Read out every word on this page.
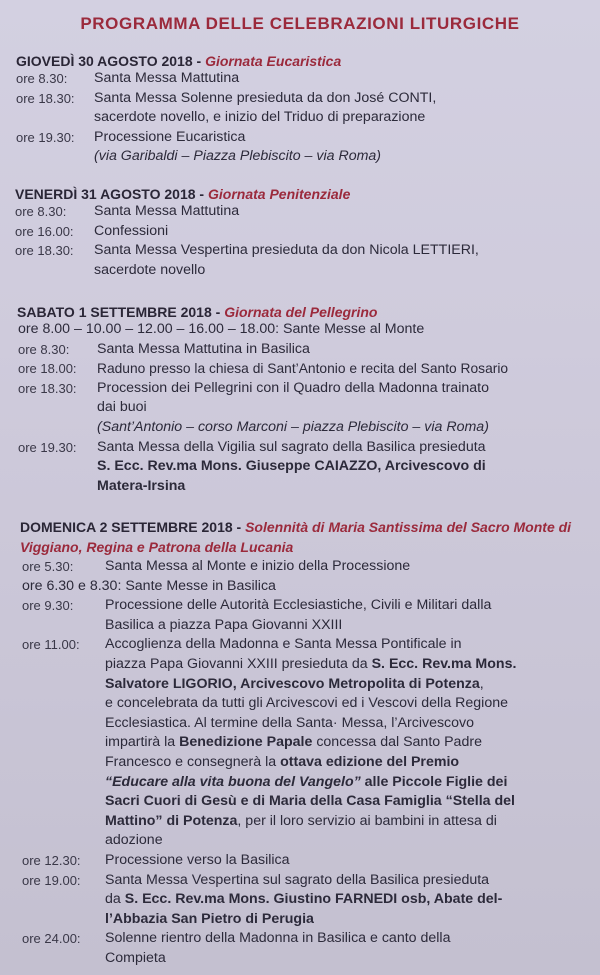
PROGRAMMA DELLE CELEBRAZIONI LITURGICHE
GIOVEDÌ 30 AGOSTO 2018 - Giornata Eucaristica
ore 8.30:	Santa Messa Mattutina
ore 18.30:	Santa Messa Solenne presieduta da don José CONTI,
sacerdote novello, e inizio del Triduo di preparazione
ore 19.30:	Processione Eucaristica
(via Garibaldi – Piazza Plebiscito – via Roma)
VENERDÌ 31 AGOSTO 2018 - Giornata Penitenziale
ore 8.30:	Santa Messa Mattutina
ore 16.00:	Confessioni
ore 18.30:	Santa Messa Vespertina presieduta da don Nicola LETTIERI,
sacerdote novello
SABATO 1 SETTEMBRE 2018 - Giornata del Pellegrino
ore 8.00 – 10.00 – 12.00 – 16.00 – 18.00: Sante Messe al Monte
ore 8.30:	Santa Messa Mattutina in Basilica
ore 18.00:	Raduno presso la chiesa di Sant’Antonio e recita del Santo Rosario
ore 18.30:	Procession dei Pellegrini con il Quadro della Madonna trainato
dai buoi
(Sant’Antonio – corso Marconi – piazza Plebiscito – via Roma)
ore 19.30:	Santa Messa della Vigilia sul sagrato della Basilica presieduta
S. Ecc. Rev.ma Mons. Giuseppe CAIAZZO, Arcivescovo di
Matera-Irsina
DOMENICA 2 SETTEMBRE 2018 - Solennità di Maria Santissima del Sacro Monte di Viggiano, Regina e Patrona della Lucania
ore 5.30:	Santa Messa al Monte e inizio della Processione
ore 6.30 e 8.30: Sante Messe in Basilica
ore 9.30:	Processione delle Autorità Ecclesiastiche, Civili e Militari dalla
Basilica a piazza Papa Giovanni XXIII
ore 11.00:	Accoglienza della Madonna e Santa Messa Pontificale in
piazza Papa Giovanni XXIII presieduta da S. Ecc. Rev.ma Mons.
Salvatore LIGORIO, Arcivescovo Metropolita di Potenza,
e concelebrata da tutti gli Arcivescovi ed i Vescovi della Regione
Ecclesiastica. Al termine della Santa· Messa, l’Arcivescovo
impartirà la Benedizione Papale concessa dal Santo Padre
Francesco e consegnerà la ottava edizione del Premio
“Educare alla vita buona del Vangelo” alle Piccole Figlie dei
Sacri Cuori di Gesù e di Maria della Casa Famiglia “Stella del
Mattino” di Potenza, per il loro servizio ai bambini in attesa di
adozione
ore 12.30:	Processione verso la Basilica
ore 19.00:	Santa Messa Vespertina sul sagrato della Basilica presieduta
da S. Ecc. Rev.ma Mons. Giustino FARNEDI osb, Abate del-
l’Abbazia San Pietro di Perugia
ore 24.00:	Solenne rientro della Madonna in Basilica e canto della
Compieta
